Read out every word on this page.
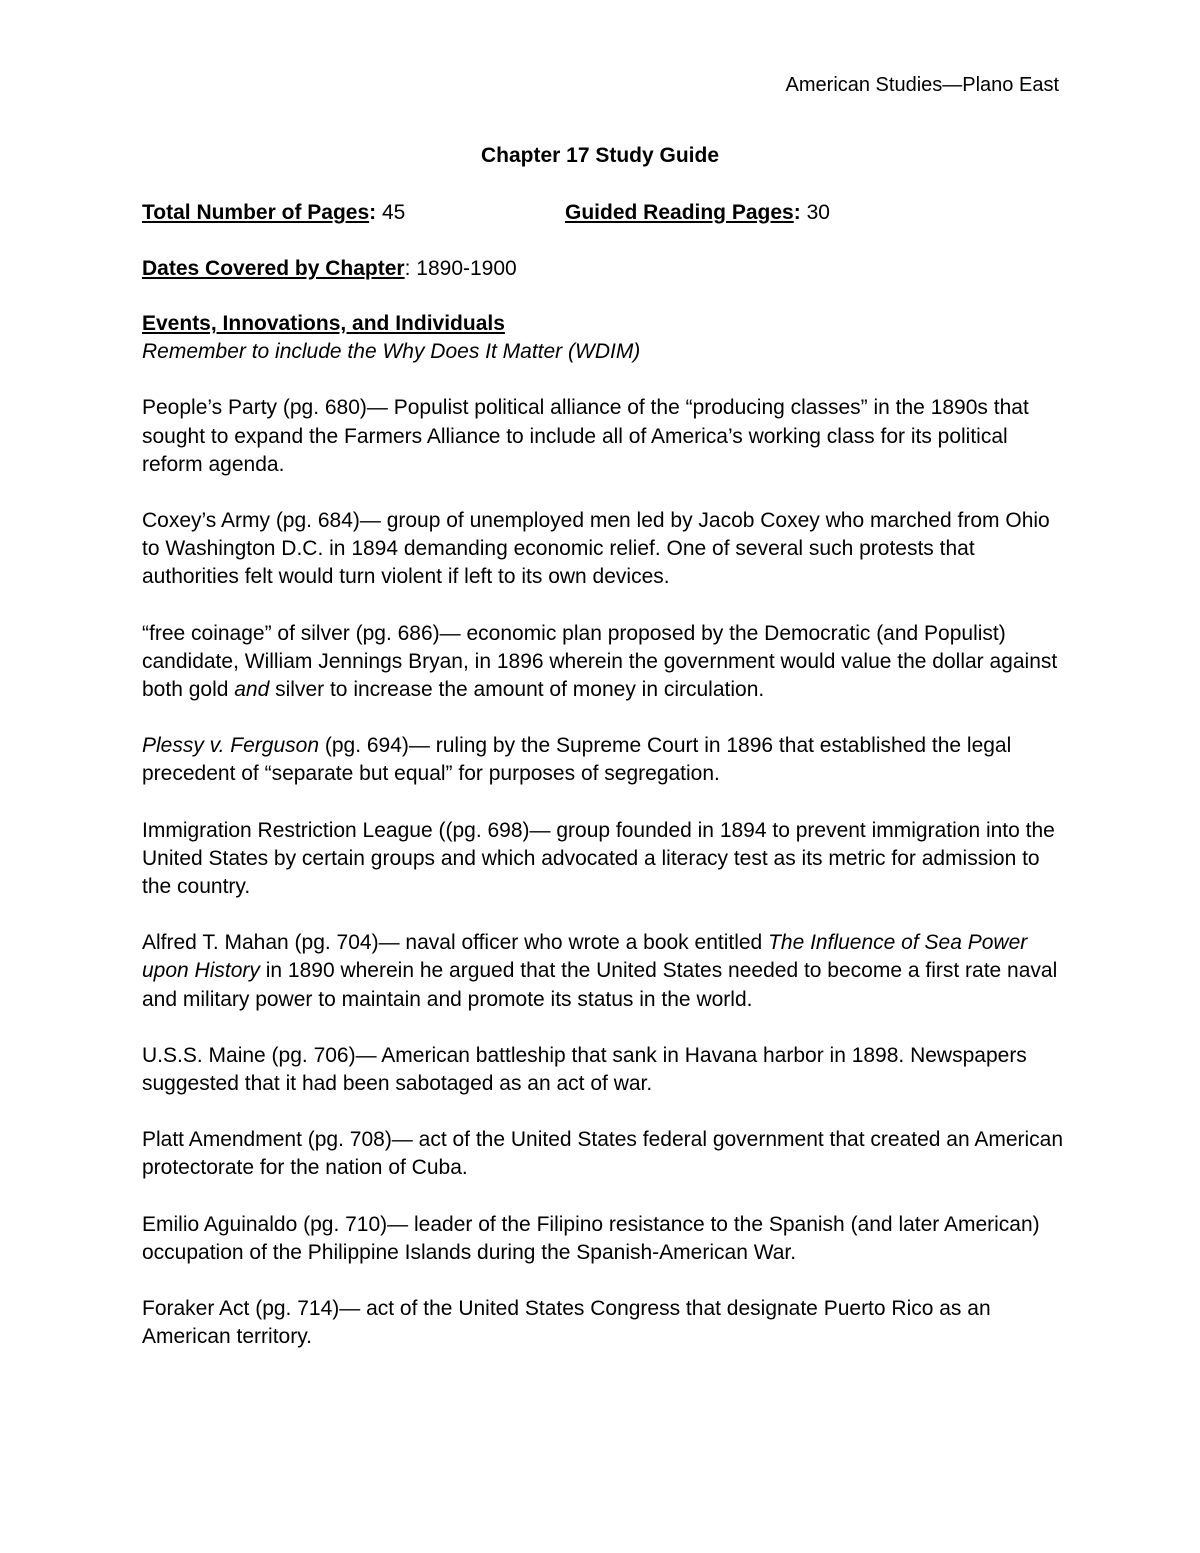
American Studies—Plano East
Chapter 17 Study Guide
Total Number of Pages: 45	Guided Reading Pages: 30
Dates Covered by Chapter: 1890-1900
Events, Innovations, and Individuals
Remember to include the Why Does It Matter (WDIM)

People’s Party (pg. 680)— Populist political alliance of the “producing classes” in the 1890s that sought to expand the Farmers Alliance to include all of America’s working class for its political reform agenda.

Coxey’s Army (pg. 684)— group of unemployed men led by Jacob Coxey who marched from Ohio to Washington D.C. in 1894 demanding economic relief. One of several such protests that authorities felt would turn violent if left to its own devices.

“free coinage” of silver (pg. 686)— economic plan proposed by the Democratic (and Populist) candidate, William Jennings Bryan, in 1896 wherein the government would value the dollar against both gold and silver to increase the amount of money in circulation.

Plessy v. Ferguson (pg. 694)— ruling by the Supreme Court in 1896 that established the legal precedent of “separate but equal” for purposes of segregation.

Immigration Restriction League ((pg. 698)— group founded in 1894 to prevent immigration into the United States by certain groups and which advocated a literacy test as its metric for admission to the country.

Alfred T. Mahan (pg. 704)— naval officer who wrote a book entitled The Influence of Sea Power upon History in 1890 wherein he argued that the United States needed to become a first rate naval and military power to maintain and promote its status in the world.

U.S.S. Maine (pg. 706)— American battleship that sank in Havana harbor in 1898. Newspapers suggested that it had been sabotaged as an act of war.

Platt Amendment (pg. 708)— act of the United States federal government that created an American protectorate for the nation of Cuba.

Emilio Aguinaldo (pg. 710)— leader of the Filipino resistance to the Spanish (and later American) occupation of the Philippine Islands during the Spanish-American War.

Foraker Act (pg. 714)— act of the United States Congress that designate Puerto Rico as an American territory.
